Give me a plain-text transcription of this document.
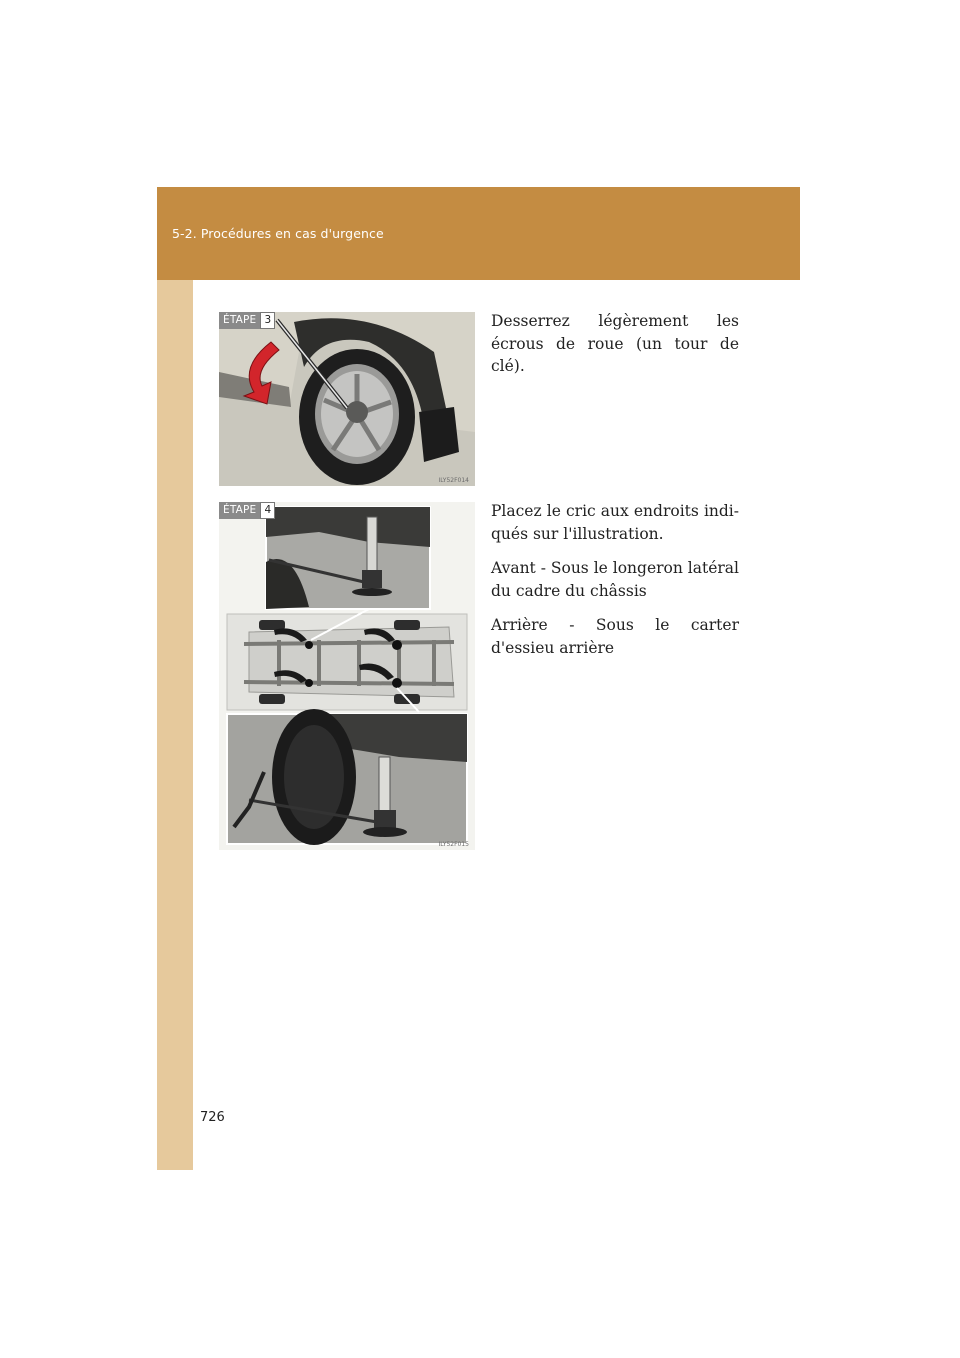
5-2. Procédures en cas d'urgence
ÉTAPE 3
ILY52F014

Desserrez légèrement les écrous de roue (un tour de clé).

ÉTAPE 4
ILY52F015

Placez le cric aux endroits indi-qués sur l'illustration.

Avant - Sous le longeron latéral du cadre du châssis

Arrière - Sous le carter d'essieu arrière

726
